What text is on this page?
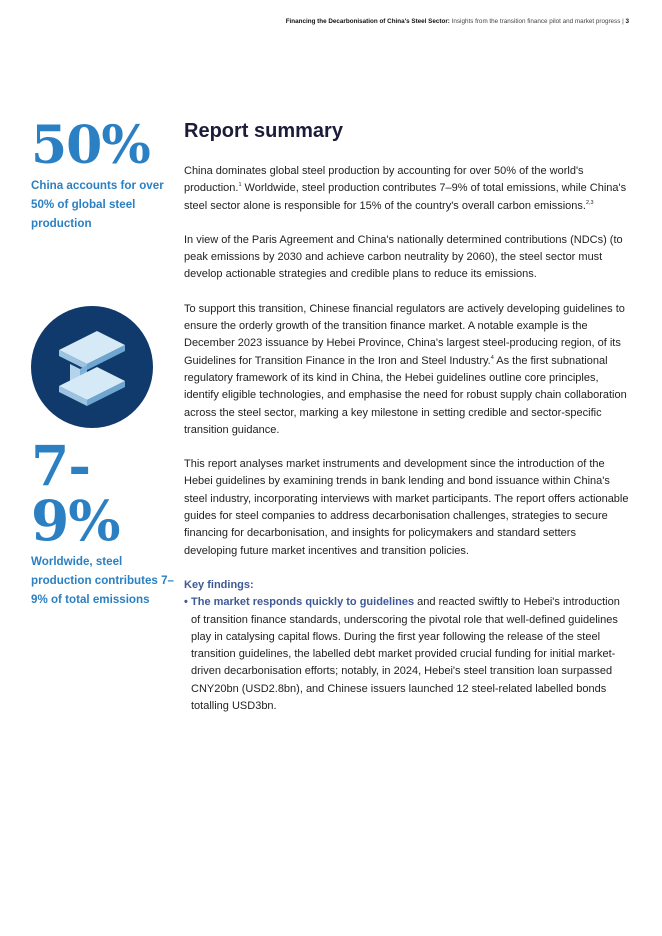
Financing the Decarbonisation of China's Steel Sector: Insights from the transition finance pilot and market progress | 3
50%
China accounts for over 50% of global steel production
7-9%
Worldwide, steel production contributes 7–9% of total emissions
Report summary

China dominates global steel production by accounting for over 50% of the world's production.$^1$ Worldwide, steel production contributes 7–9% of total emissions, while China's steel sector alone is responsible for 15% of the country's overall carbon emissions.$^{2,3}$

In view of the Paris Agreement and China's nationally determined contributions (NDCs) (to peak emissions by 2030 and achieve carbon neutrality by 2060), the steel sector must develop actionable strategies and credible plans to reduce its emissions.

To support this transition, Chinese financial regulators are actively developing guidelines to ensure the orderly growth of the transition finance market. A notable example is the December 2023 issuance by Hebei Province, China's largest steel-producing region, of its Guidelines for Transition Finance in the Iron and Steel Industry.$^4$ As the first subnational regulatory framework of its kind in China, the Hebei guidelines outline core principles, identify eligible technologies, and emphasise the need for robust supply chain collaboration across the steel sector, marking a key milestone in setting credible and sector-specific transition guidance.

This report analyses market instruments and development since the introduction of the Hebei guidelines by examining trends in bank lending and bond issuance within China's steel industry, incorporating interviews with market participants. The report offers actionable guides for steel companies to address decarbonisation challenges, strategies to secure financing for decarbonisation, and insights for policymakers and standard setters developing future market incentives and transition policies.

Key findings:
• The market responds quickly to guidelines and reacted swiftly to Hebei's introduction of transition finance standards, underscoring the pivotal role that well-defined guidelines play in catalysing capital flows. During the first year following the release of the steel transition guidelines, the labelled debt market provided crucial funding for initial market-driven decarbonisation efforts; notably, in 2024, Hebei's steel transition loan surpassed CNY20bn (USD2.8bn), and Chinese issuers launched 12 steel-related labelled bonds totalling USD3bn.
